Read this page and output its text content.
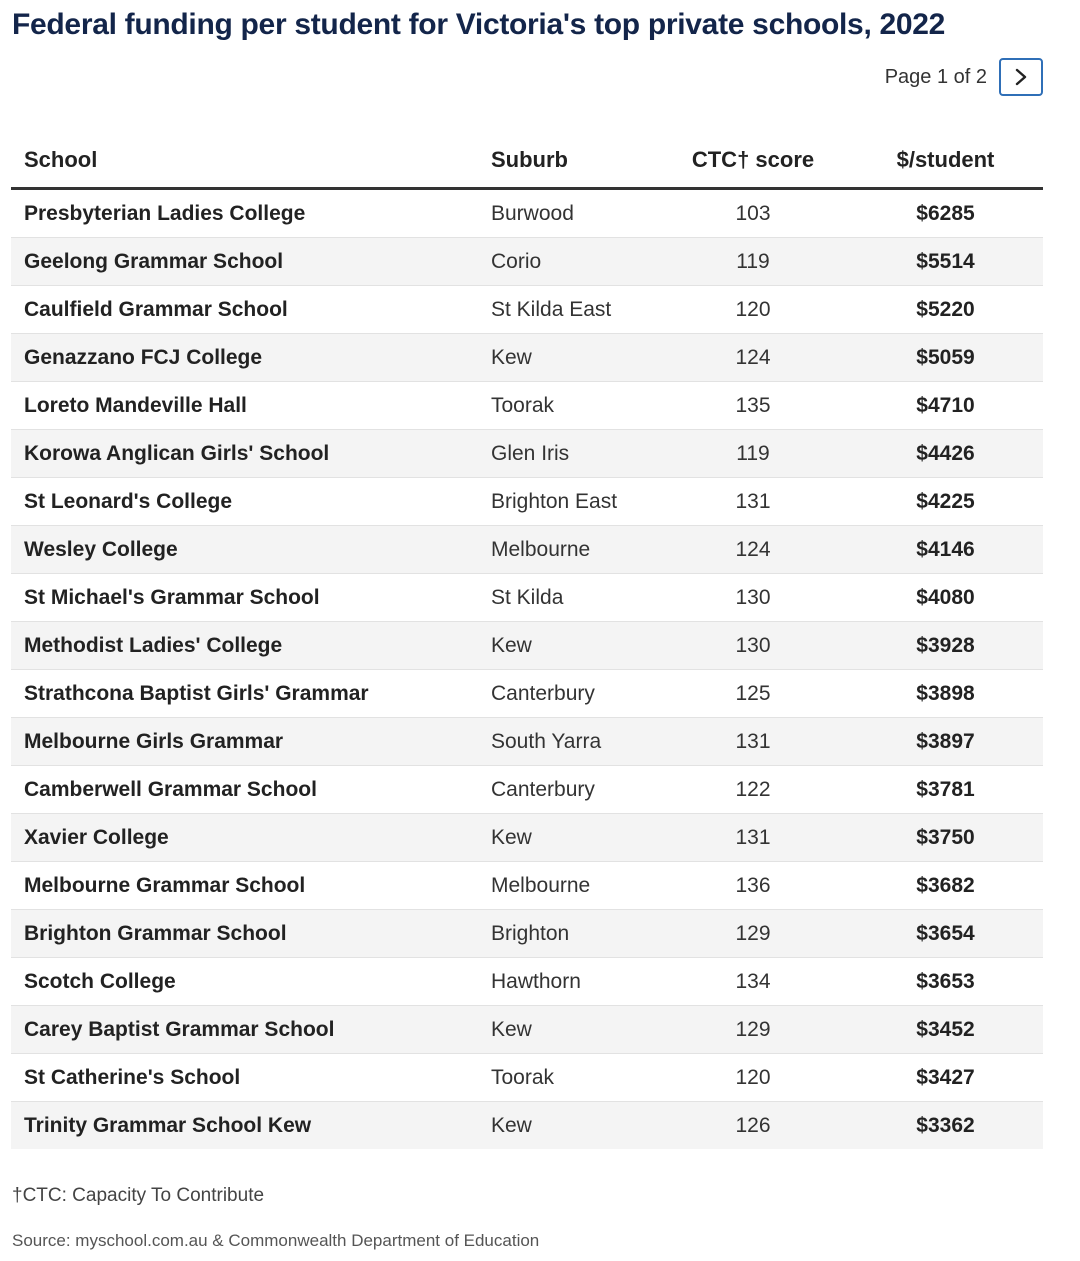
Federal funding per student for Victoria's top private schools, 2022
Page 1 of 2
School	Suburb	CTC† score	$/student
Presbyterian Ladies College	Burwood	103	$6285
Geelong Grammar School	Corio	119	$5514
Caulfield Grammar School	St Kilda East	120	$5220
Genazzano FCJ College	Kew	124	$5059
Loreto Mandeville Hall	Toorak	135	$4710
Korowa Anglican Girls' School	Glen Iris	119	$4426
St Leonard's College	Brighton East	131	$4225
Wesley College	Melbourne	124	$4146
St Michael's Grammar School	St Kilda	130	$4080
Methodist Ladies' College	Kew	130	$3928
Strathcona Baptist Girls' Grammar	Canterbury	125	$3898
Melbourne Girls Grammar	South Yarra	131	$3897
Camberwell Grammar School	Canterbury	122	$3781
Xavier College	Kew	131	$3750
Melbourne Grammar School	Melbourne	136	$3682
Brighton Grammar School	Brighton	129	$3654
Scotch College	Hawthorn	134	$3653
Carey Baptist Grammar School	Kew	129	$3452
St Catherine's School	Toorak	120	$3427
Trinity Grammar School Kew	Kew	126	$3362
†CTC: Capacity To Contribute
Source: myschool.com.au & Commonwealth Department of Education
